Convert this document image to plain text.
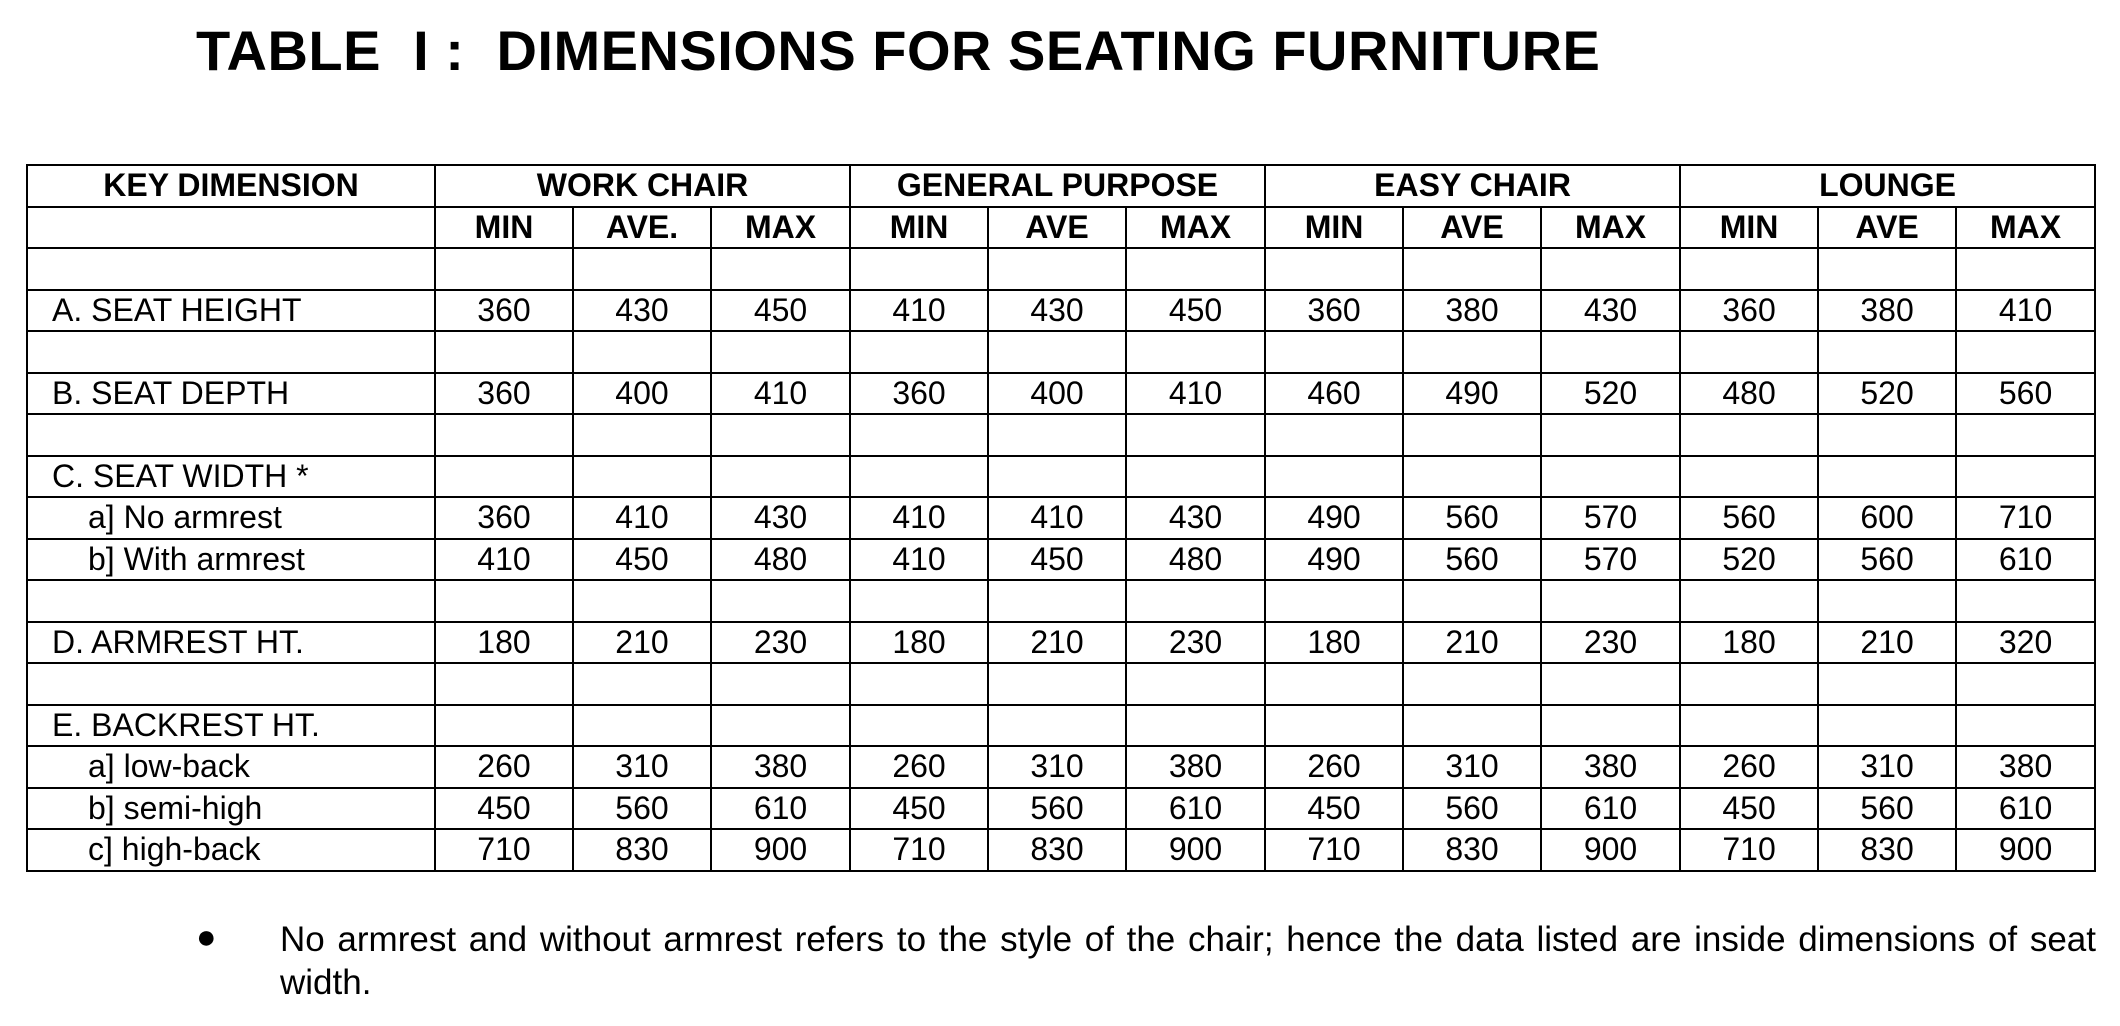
TABLE  I :  DIMENSIONS FOR SEATING FURNITURE
KEY DIMENSION	WORK CHAIR			GENERAL PURPOSE			EASY CHAIR			LOUNGE		
	MIN	AVE.	MAX	MIN	AVE	MAX	MIN	AVE	MAX	MIN	AVE	MAX

A. SEAT HEIGHT	360	430	450	410	430	450	360	380	430	360	380	410

B. SEAT DEPTH	360	400	410	360	400	410	460	490	520	480	520	560

C. SEAT WIDTH *												
a] No armrest	360	410	430	410	410	430	490	560	570	560	600	710
b] With armrest	410	450	480	410	450	480	490	560	570	520	560	610

D. ARMREST HT.	180	210	230	180	210	230	180	210	230	180	210	320

E. BACKREST HT.												
a] low-back	260	310	380	260	310	380	260	310	380	260	310	380
b] semi-high	450	560	610	450	560	610	450	560	610	450	560	610
c] high-back	710	830	900	710	830	900	710	830	900	710	830	900
● No armrest and without armrest refers to the style of the chair; hence the data listed are inside dimensions of seat width.
